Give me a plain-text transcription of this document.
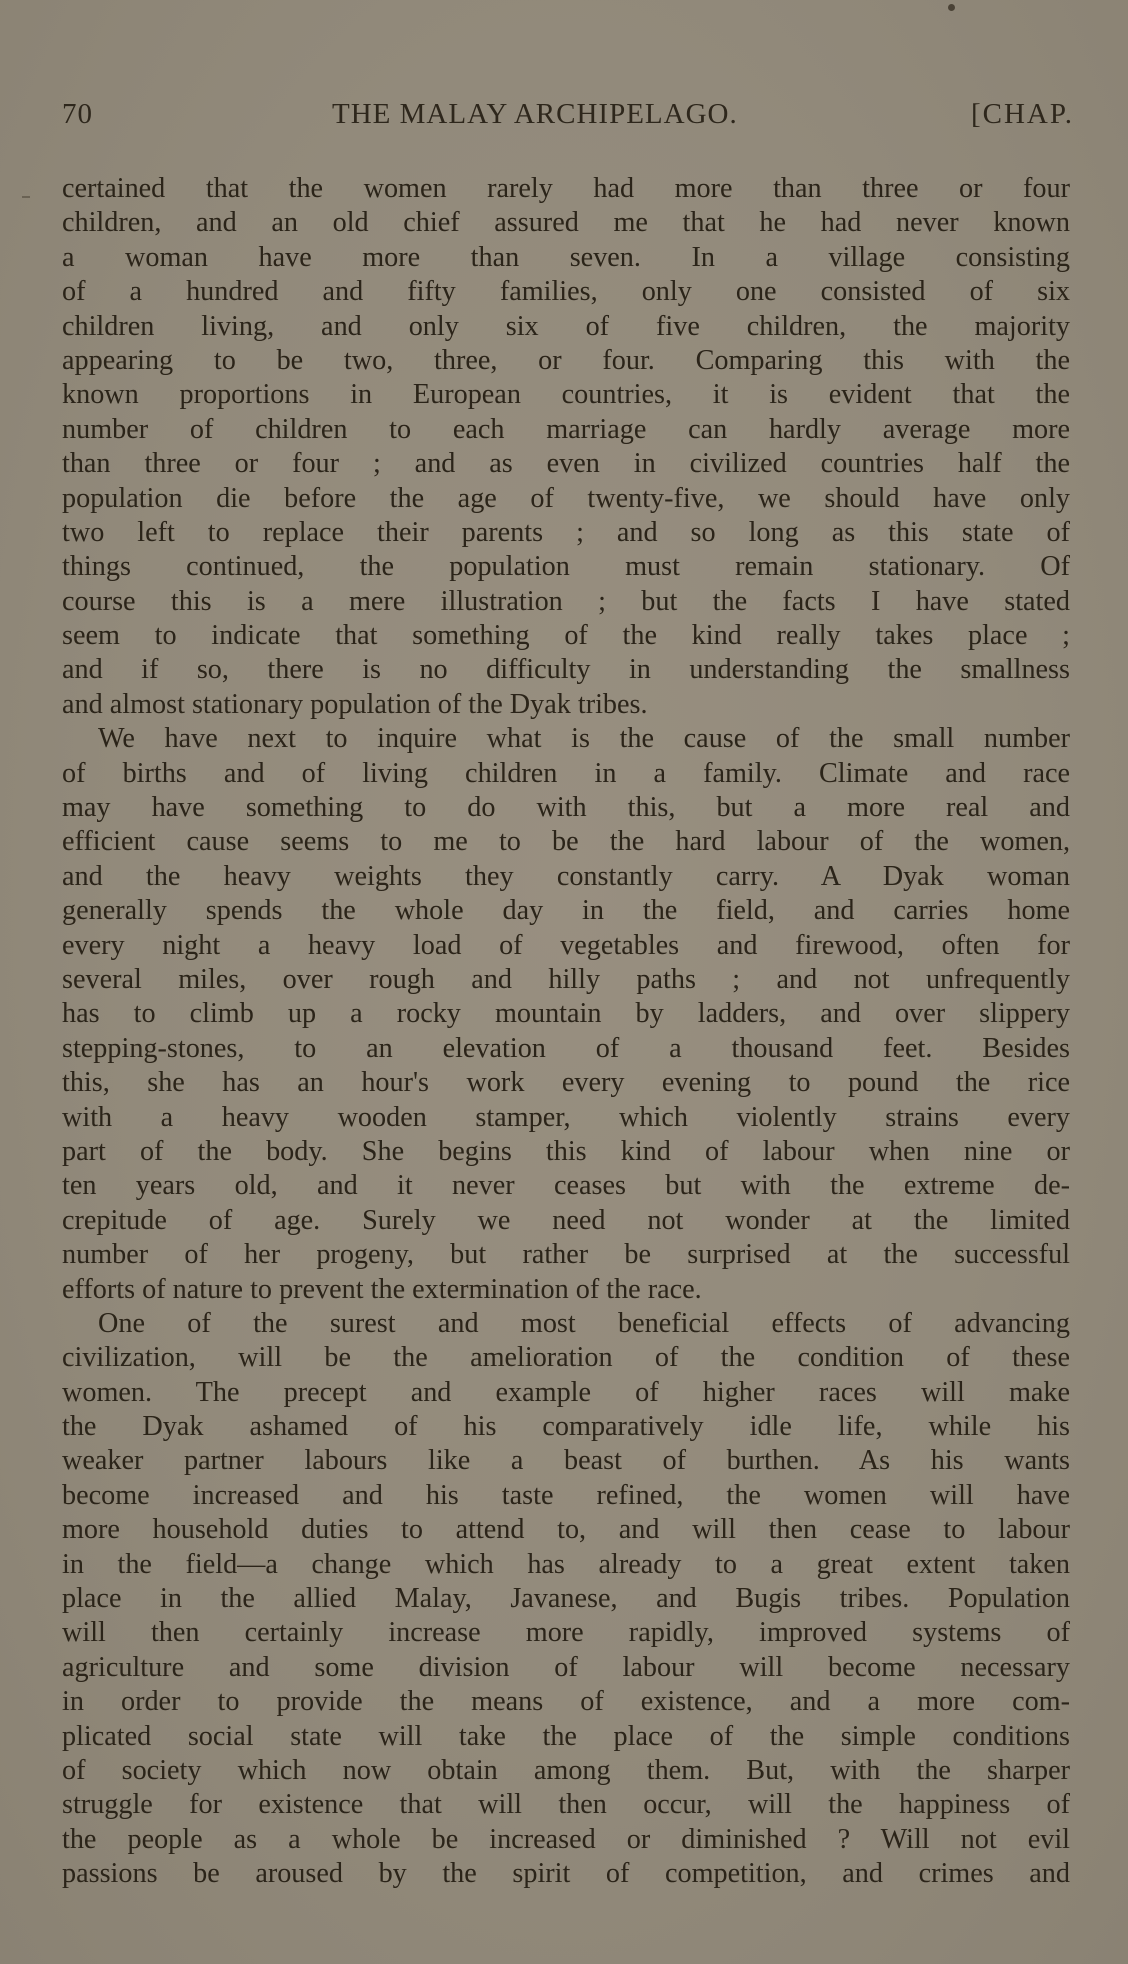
70	THE MALAY ARCHIPELAGO.	[CHAP.
certained that the women rarely had more than three or four
children, and an old chief assured me that he had never known
a woman have more than seven. In a village consisting
of a hundred and fifty families, only one consisted of six
children living, and only six of five children, the majority
appearing to be two, three, or four. Comparing this with the
known proportions in European countries, it is evident that the
number of children to each marriage can hardly average more
than three or four ; and as even in civilized countries half the
population die before the age of twenty-five, we should have only
two left to replace their parents ; and so long as this state of
things continued, the population must remain stationary. Of
course this is a mere illustration ; but the facts I have stated
seem to indicate that something of the kind really takes place ;
and if so, there is no difficulty in understanding the smallness
and almost stationary population of the Dyak tribes.
We have next to inquire what is the cause of the small number
of births and of living children in a family. Climate and race
may have something to do with this, but a more real and
efficient cause seems to me to be the hard labour of the women,
and the heavy weights they constantly carry. A Dyak woman
generally spends the whole day in the field, and carries home
every night a heavy load of vegetables and firewood, often for
several miles, over rough and hilly paths ; and not unfrequently
has to climb up a rocky mountain by ladders, and over slippery
stepping-stones, to an elevation of a thousand feet. Besides
this, she has an hour's work every evening to pound the rice
with a heavy wooden stamper, which violently strains every
part of the body. She begins this kind of labour when nine or
ten years old, and it never ceases but with the extreme de-
crepitude of age. Surely we need not wonder at the limited
number of her progeny, but rather be surprised at the successful
efforts of nature to prevent the extermination of the race.
One of the surest and most beneficial effects of advancing
civilization, will be the amelioration of the condition of these
women. The precept and example of higher races will make
the Dyak ashamed of his comparatively idle life, while his
weaker partner labours like a beast of burthen. As his wants
become increased and his taste refined, the women will have
more household duties to attend to, and will then cease to labour
in the field—a change which has already to a great extent taken
place in the allied Malay, Javanese, and Bugis tribes. Population
will then certainly increase more rapidly, improved systems of
agriculture and some division of labour will become necessary
in order to provide the means of existence, and a more com-
plicated social state will take the place of the simple conditions
of society which now obtain among them. But, with the sharper
struggle for existence that will then occur, will the happiness of
the people as a whole be increased or diminished ? Will not evil
passions be aroused by the spirit of competition, and crimes and
